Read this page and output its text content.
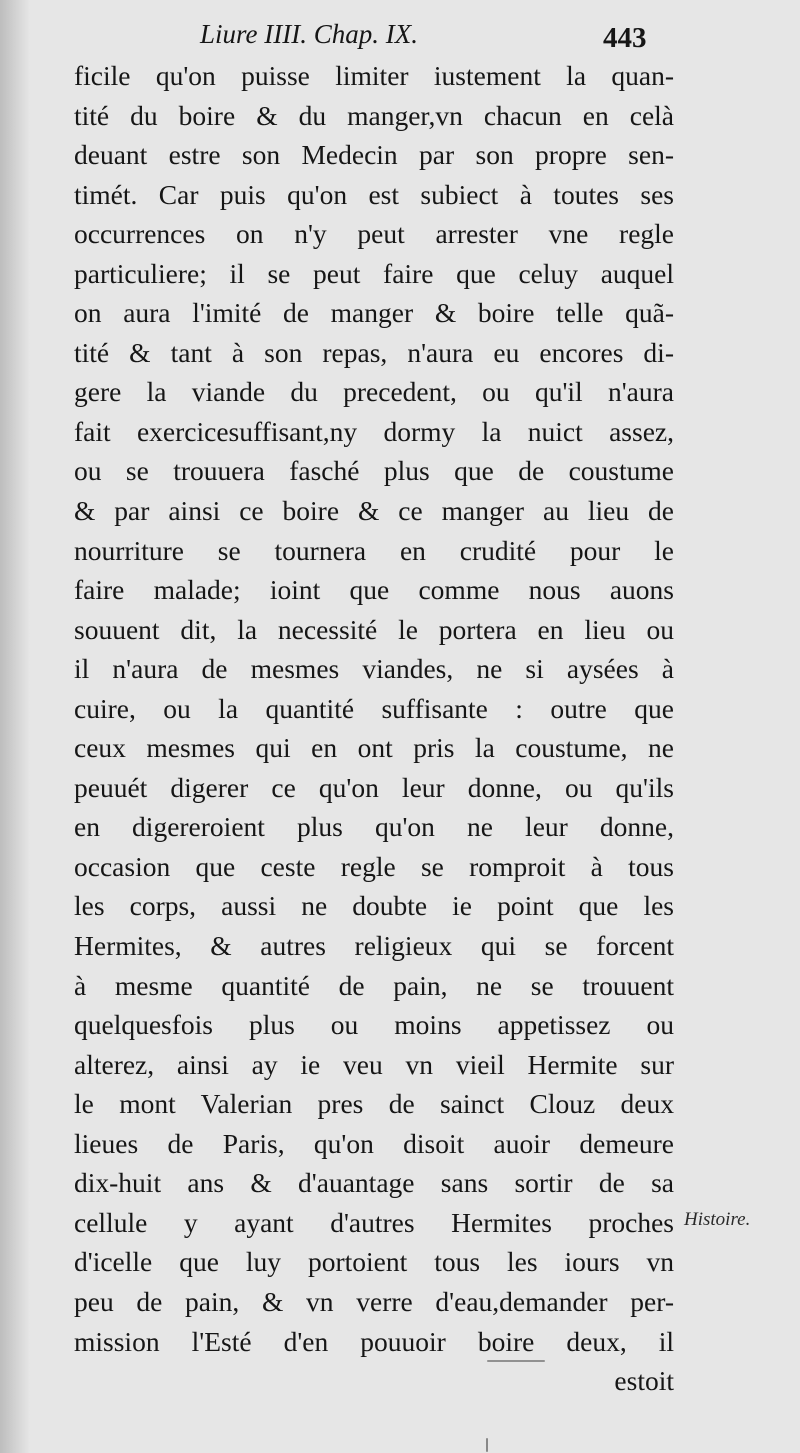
Liure IIII. Chap. IX.	443
ficile qu'on puisse limiter iustement la quan-
tité du boire & du manger,vn chacun en celà
deuant estre son Medecin par son propre sen-
timét. Car puis qu'on est subiect à toutes ses
occurrences on n'y peut arrester vne regle
particuliere; il se peut faire que celuy auquel
on aura l'imité de manger & boire telle quã-
tité & tant à son repas, n'aura eu encores di-
gere la viande du precedent, ou qu'il n'aura
fait exercicesuffisant,ny dormy la nuict assez,
ou se trouuera fasché plus que de coustume
& par ainsi ce boire & ce manger au lieu de
nourriture se tournera en crudité pour le
faire malade; ioint que comme nous auons
souuent dit, la necessité le portera en lieu ou
il n'aura de mesmes viandes, ne si aysées à
cuire, ou la quantité suffisante : outre que
ceux mesmes qui en ont pris la coustume, ne
peuuét digerer ce qu'on leur donne, ou qu'ils
en digereroient plus qu'on ne leur donne,
occasion que ceste regle se romproit à tous
les corps, aussi ne doubte ie point que les
Hermites, & autres religieux qui se forcent
à mesme quantité de pain, ne se trouuent
quelquesfois plus ou moins appetissez ou
alterez, ainsi ay ie veu vn vieil Hermite sur
le mont Valerian pres de sainct Clouz deux
lieues de Paris, qu'on disoit auoir demeure
dix-huit ans & d'auantage sans sortir de sa
cellule y ayant d'autres Hermites proches
d'icelle que luy portoient tous les iours vn
peu de pain, & vn verre d'eau,demander per-
mission l'Esté d'en pouuoir boire deux, il
estoit
Histoire.
